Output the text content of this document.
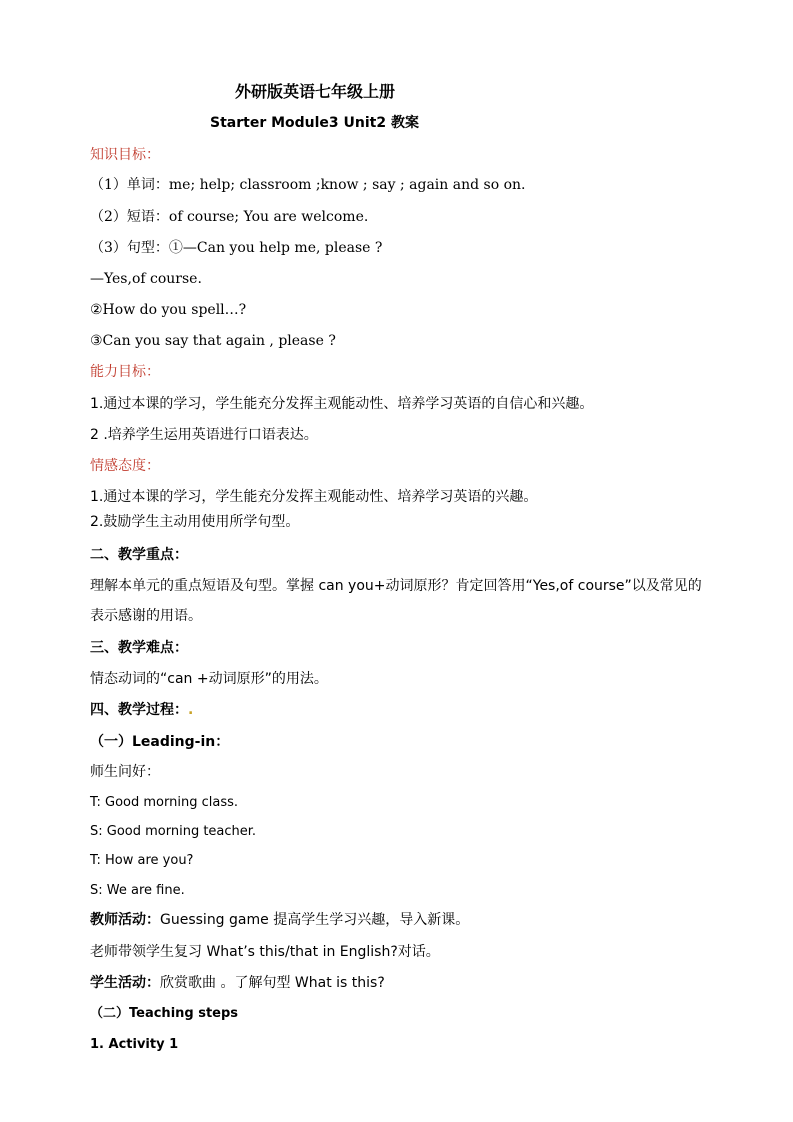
外研版英语七年级上册
Starter Module3 Unit2 教案
知识目标：
（1）单词：me; help; classroom ;know ; say ; again and so on.
（2）短语：of course; You are welcome.
（3）句型：①—Can you help me, please ?
—Yes,of course.
②How do you spell…?
③Can you say that again , please ?
能力目标：
1.通过本课的学习，学生能充分发挥主观能动性、培养学习英语的自信心和兴趣。
2 .培养学生运用英语进行口语表达。
情感态度：
1.通过本课的学习，学生能充分发挥主观能动性、培养学习英语的兴趣。
2.鼓励学生主动用使用所学句型。
二、教学重点：
理解本单元的重点短语及句型。掌握 can you+动词原形？肯定回答用“Yes,of course”以及常见的表示感谢的用语。
三、教学难点：
情态动词的“can +动词原形”的用法。
四、教学过程：.
（一）Leading-in：
师生问好：
T: Good morning class.
S: Good morning teacher.
T: How are you?
S: We are fine.
教师活动：Guessing game 提高学生学习兴趣，导入新课。
老师带领学生复习 What’s this/that in English?对话。
学生活动：欣赏歌曲 。了解句型 What is this?
（二）Teaching steps
1. Activity 1
